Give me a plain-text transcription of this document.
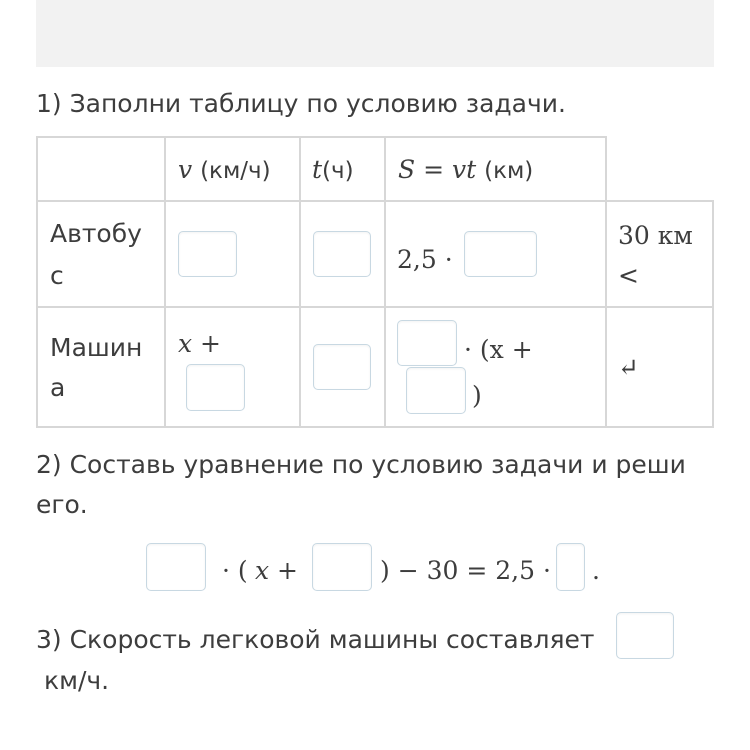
1) Заполни таблицу по условию задачи.
v (км/ч) t(ч) S = vt (км)
Автобу
с
2,5 ·
30 км
<
Машин
а
x +	· (x +
)
↵
2) Составь уравнение по условию задачи и реши
его.
· ( x +	) − 30 = 2,5 · .
3) Скорость легковой машины составляет
км/ч.
